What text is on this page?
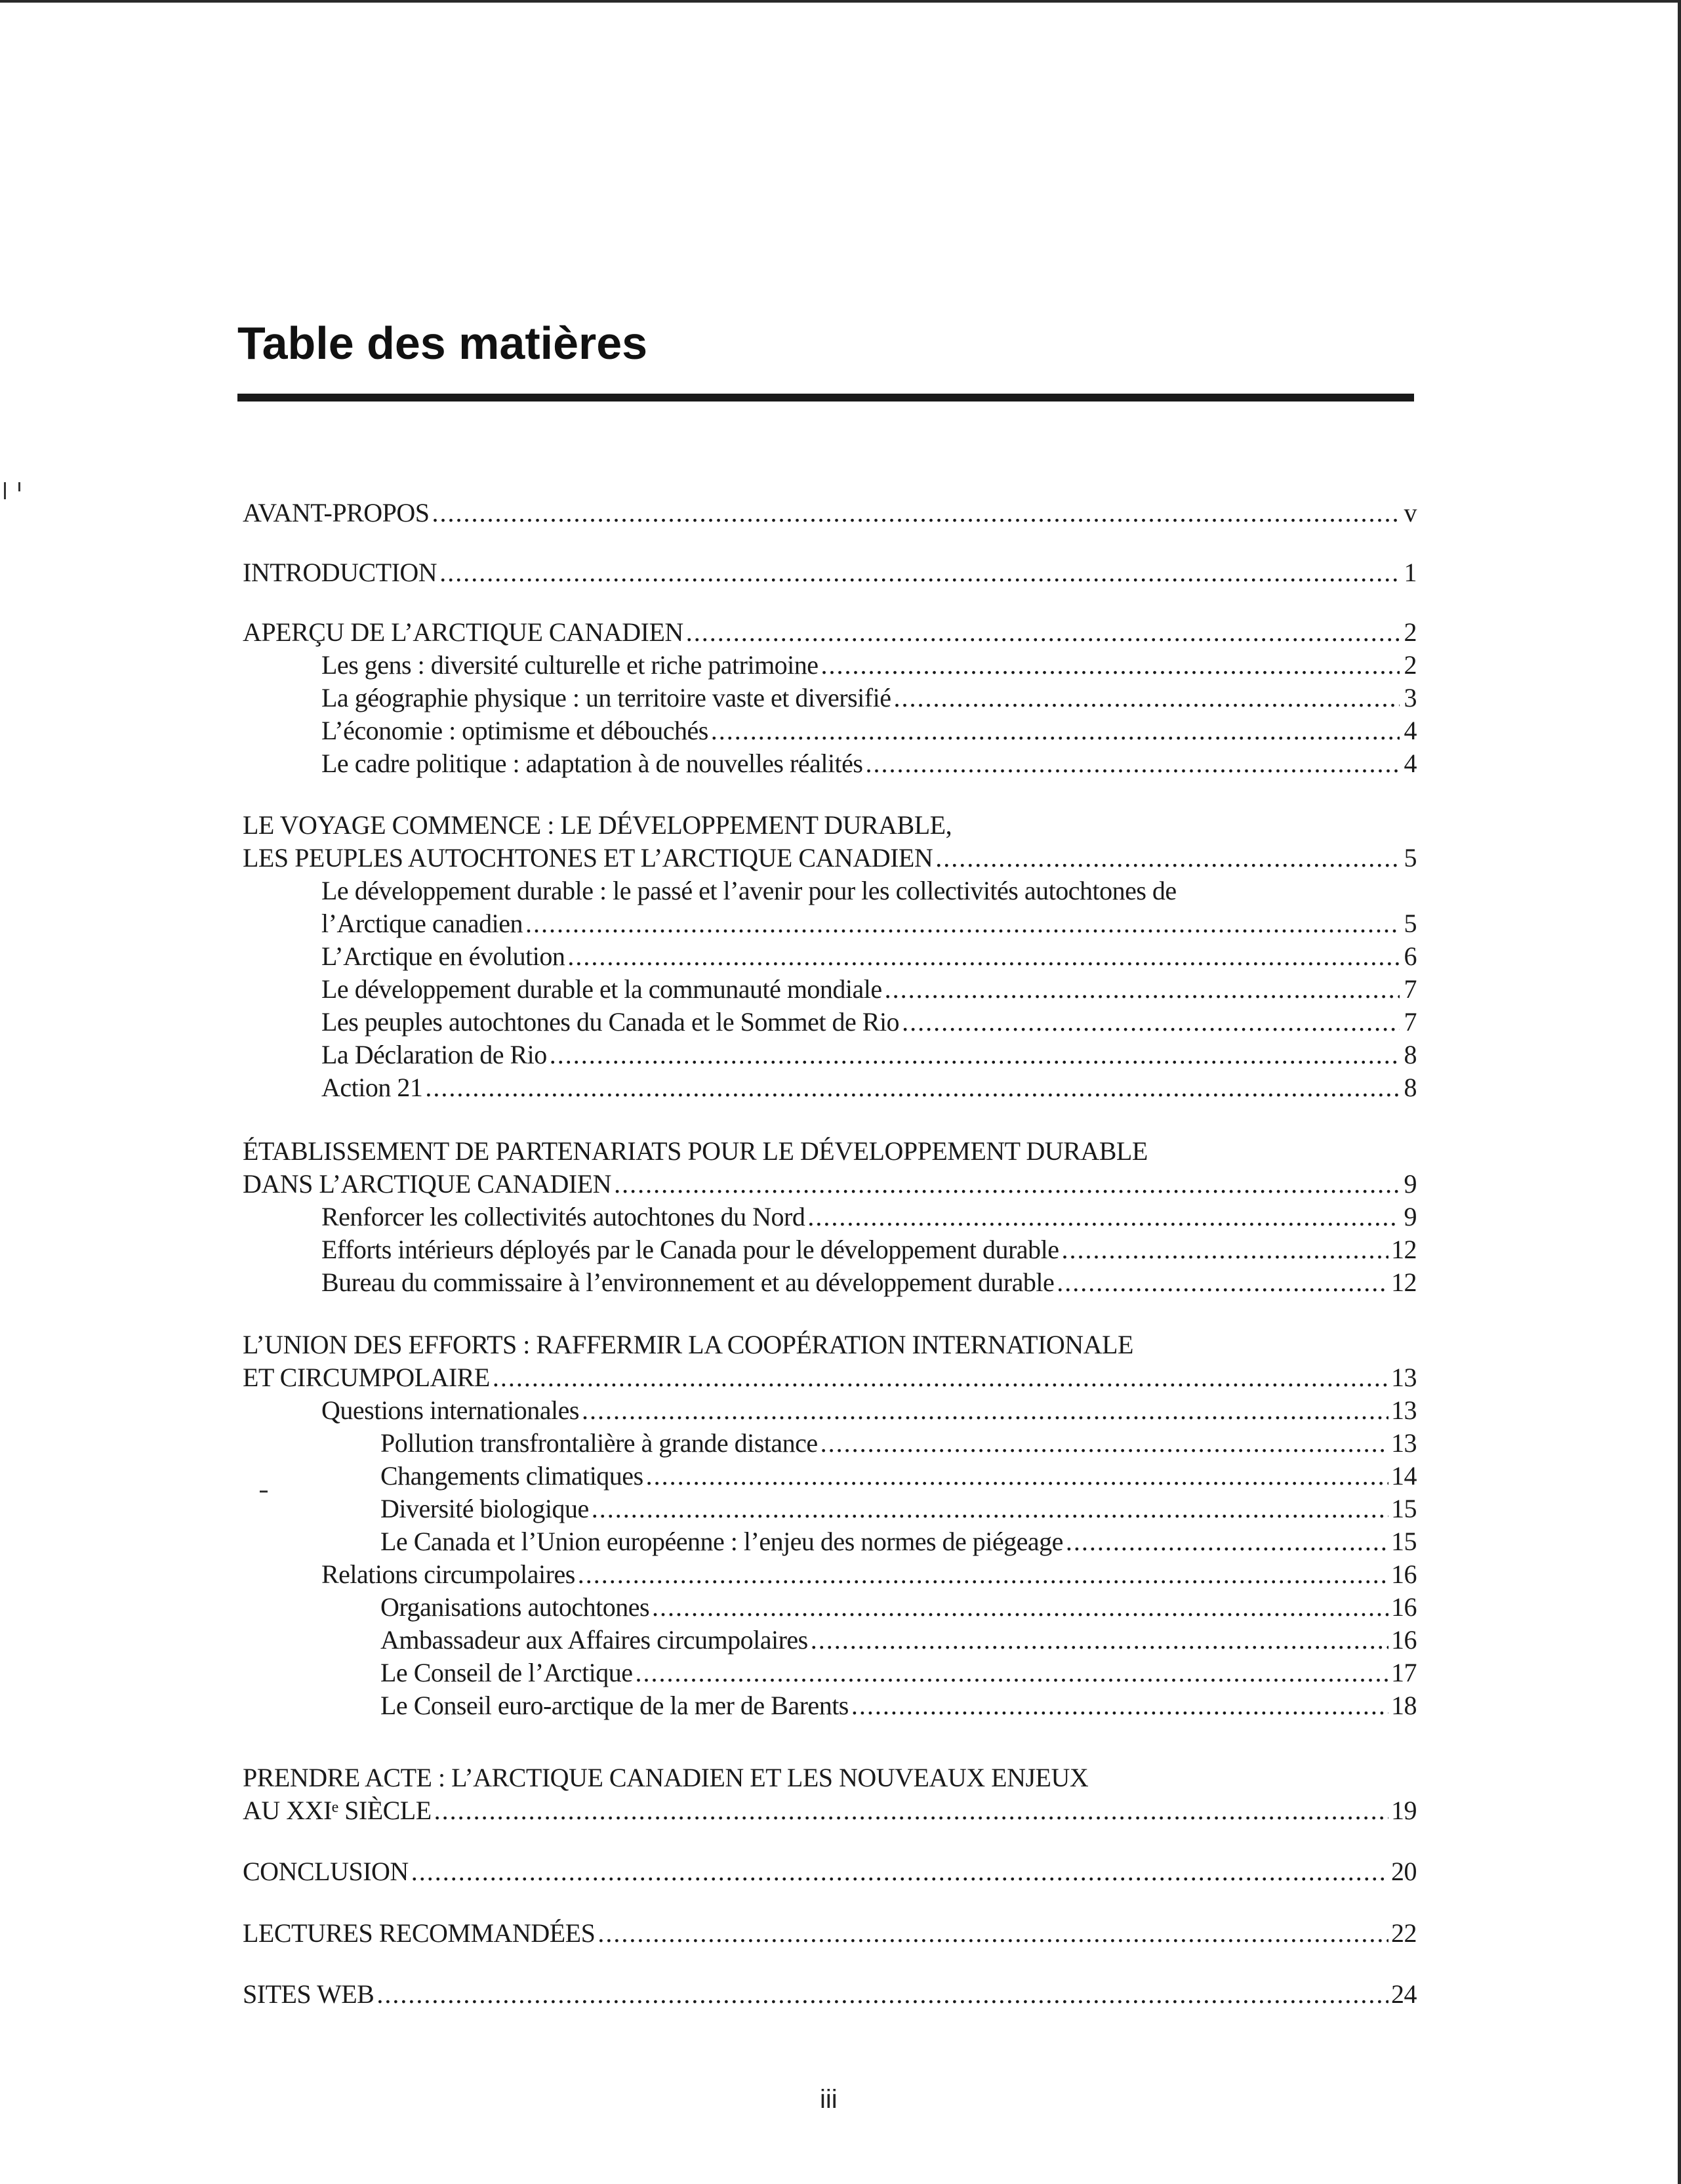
Table des matières
AVANT-PROPOS .....	v
INTRODUCTION .....	1
APERÇU DE L’ARCTIQUE CANADIEN .....	2
Les gens : diversité culturelle et riche patrimoine .....	2
La géographie physique : un territoire vaste et diversifié .....	3
L’économie : optimisme et débouchés .....	4
Le cadre politique : adaptation à de nouvelles réalités .....	4
LE VOYAGE COMMENCE : LE DÉVELOPPEMENT DURABLE,
LES PEUPLES AUTOCHTONES ET L’ARCTIQUE CANADIEN .....	5
Le développement durable : le passé et l’avenir pour les collectivités autochtones de
l’Arctique canadien .....	5
L’Arctique en évolution .....	6
Le développement durable et la communauté mondiale .....	7
Les peuples autochtones du Canada et le Sommet de Rio .....	7
La Déclaration de Rio .....	8
Action 21 .....	8
ÉTABLISSEMENT DE PARTENARIATS POUR LE DÉVELOPPEMENT DURABLE
DANS L’ARCTIQUE CANADIEN .....	9
Renforcer les collectivités autochtones du Nord .....	9
Efforts intérieurs déployés par le Canada pour le développement durable .....	12
Bureau du commissaire à l’environnement et au développement durable .....	12
L’UNION DES EFFORTS : RAFFERMIR LA COOPÉRATION INTERNATIONALE
ET CIRCUMPOLAIRE .....	13
Questions internationales .....	13
Pollution transfrontalière à grande distance .....	13
Changements climatiques .....	14
Diversité biologique .....	15
Le Canada et l’Union européenne : l’enjeu des normes de piégeage .....	15
Relations circumpolaires .....	16
Organisations autochtones .....	16
Ambassadeur aux Affaires circumpolaires .....	16
Le Conseil de l’Arctique .....	17
Le Conseil euro-arctique de la mer de Barents .....	18
PRENDRE ACTE : L’ARCTIQUE CANADIEN ET LES NOUVEAUX ENJEUX
AU XXIᵉ SIÈCLE .....	19
CONCLUSION .....	20
LECTURES RECOMMANDÉES .....	22
SITES WEB .....	24
iii
